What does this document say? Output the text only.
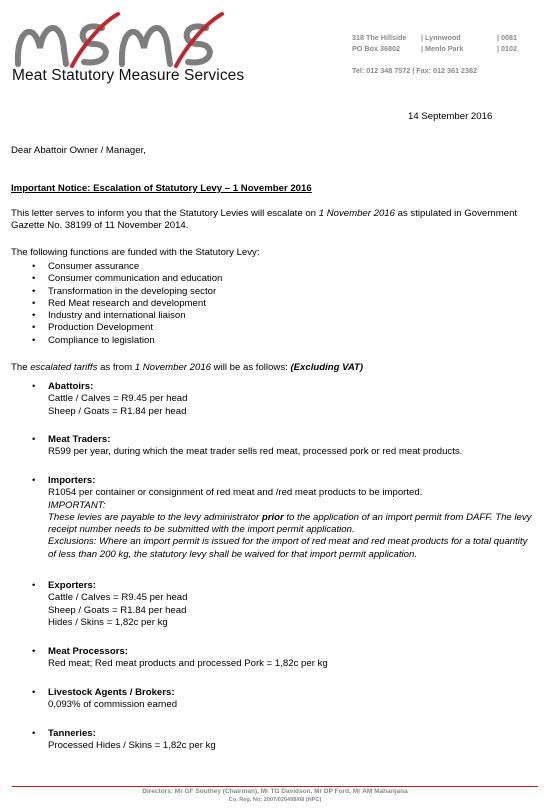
Meat Statutory Measure Services
318 The Hillside
PO Box 36802
| Lynnwood
| Menlo Park
| 0081
| 0102
Tel: 012 348 7572 | Fax: 012 361 2382
14 September 2016
Dear Abattoir Owner / Manager,
Important Notice: Escalation of Statutory Levy – 1 November 2016
This letter serves to inform you that the Statutory Levies will escalate on 1 November 2016 as stipulated in Government Gazette No. 38199 of 11 November 2014.
The following functions are funded with the Statutory Levy:
• Consumer assurance
• Consumer communication and education
• Transformation in the developing sector
• Red Meat research and development
• Industry and international liaison
• Production Development
• Compliance to legislation
The escalated tariffs as from 1 November 2016 will be as follows: (Excluding VAT)
• Abattoirs:
Cattle / Calves = R9.45 per head
Sheep / Goats = R1.84 per head
• Meat Traders:
R599 per year, during which the meat trader sells red meat, processed pork or red meat products.
• Importers:
R1054 per container or consignment of red meat and /red meat products to be imported.
IMPORTANT:
These levies are payable to the levy administrator prior to the application of an import permit from DAFF. The levy receipt number needs to be submitted with the import permit application.
Exclusions: Where an import permit is issued for the import of red meat and red meat products for a total quantity of less than 200 kg, the statutory levy shall be waived for that import permit application.
• Exporters:
Cattle / Calves = R9.45 per head
Sheep / Goats = R1.84 per head
Hides / Skins = 1,82c per kg
• Meat Processors:
Red meat; Red meat products and processed Pork = 1,82c per kg
• Livestock Agents / Brokers:
0,093% of commission earned
• Tanneries:
Processed Hides / Skins = 1,82c per kg
Directors: Mr GF Southey (Chairman), Mr TG Davidson, Mr DP Ford, Mr AM Mahanjana
Co. Reg. No: 2007/020498/08 (NPC)
